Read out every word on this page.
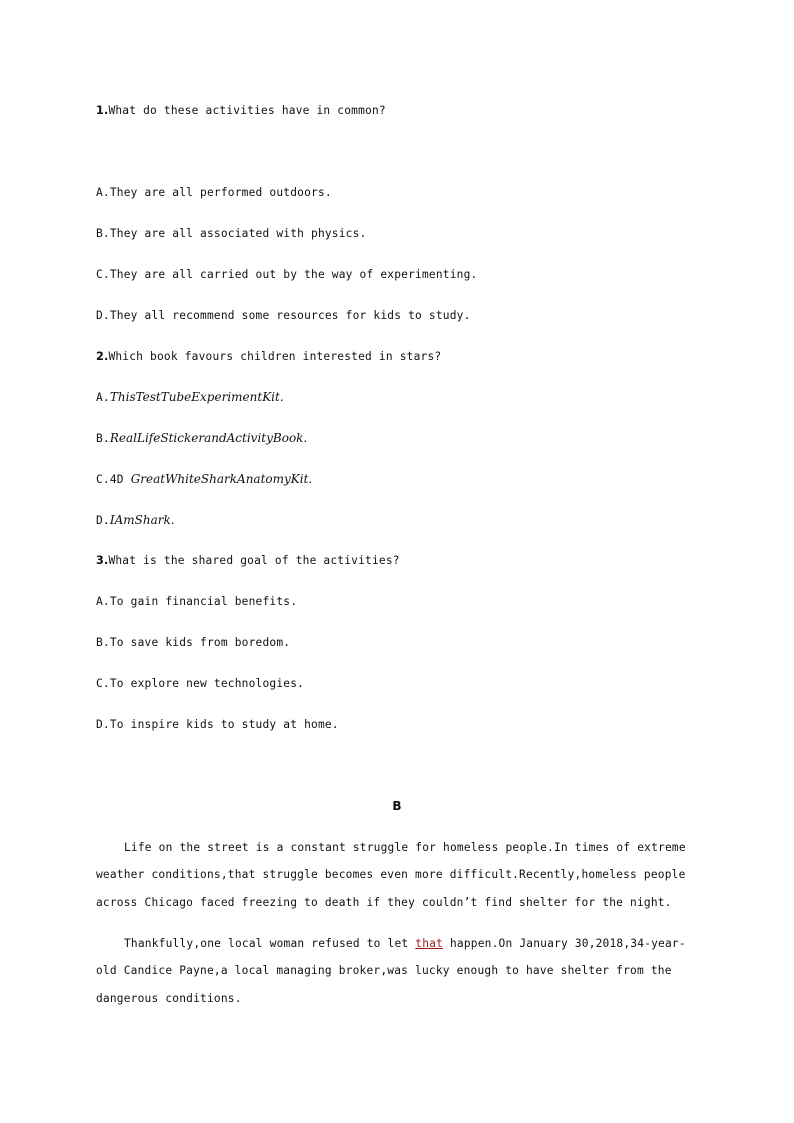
1.What do these activities have in common?
A.They are all performed outdoors.
B.They are all associated with physics.
C.They are all carried out by the way of experimenting.
D.They all recommend some resources for kids to study.
2.Which book favours children interested in stars?
A.ThisTestTubeExperimentKit.
B.RealLifeStickerandActivityBook.
C.4D GreatWhiteSharkAnatomyKit.
D.IAmShark.
3.What is the shared goal of the activities?
A.To gain financial benefits.
B.To save kids from boredom.
C.To explore new technologies.
D.To inspire kids to study at home.
B
Life on the street is a constant struggle for homeless people.In times of extreme
weather conditions,that struggle becomes even more difficult.Recently,homeless people
across Chicago faced freezing to death if they couldn’t find shelter for the night.
Thankfully,one local woman refused to let that happen.On January 30,2018,34-year-
old Candice Payne,a local managing broker,was lucky enough to have shelter from the
dangerous conditions.
